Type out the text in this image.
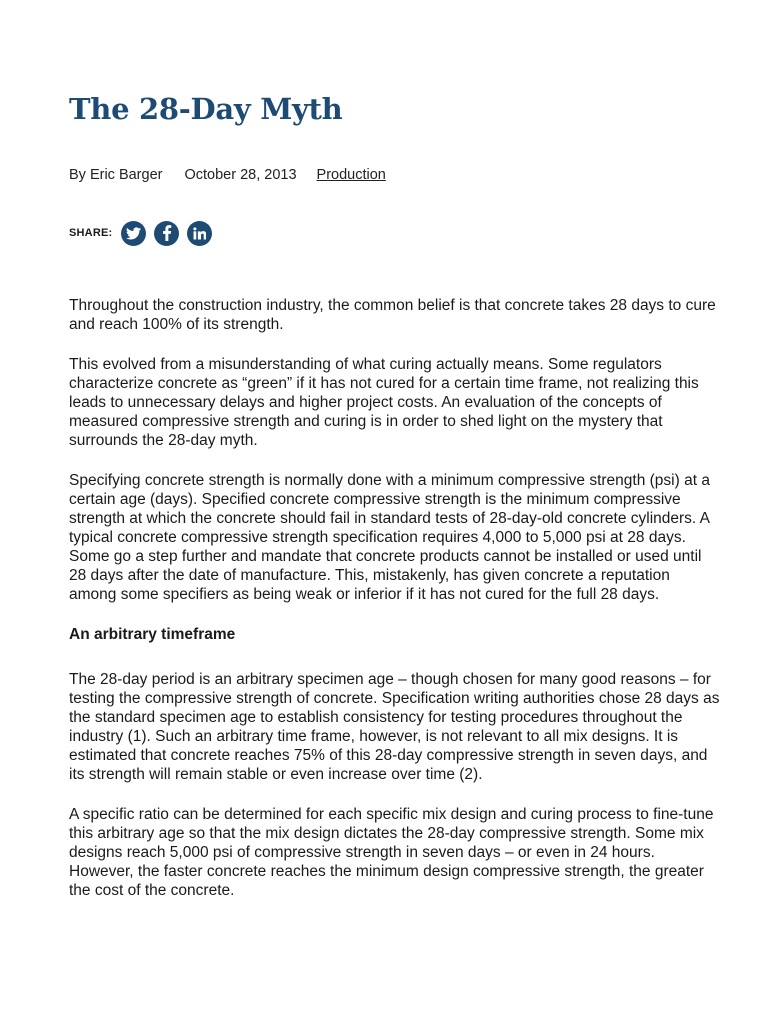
The 28-Day Myth
By Eric Barger October 28, 2013 Production
SHARE:

Throughout the construction industry, the common belief is that concrete takes 28 days to cure and reach 100% of its strength.

This evolved from a misunderstanding of what curing actually means. Some regulators characterize concrete as “green” if it has not cured for a certain time frame, not realizing this leads to unnecessary delays and higher project costs. An evaluation of the concepts of measured compressive strength and curing is in order to shed light on the mystery that surrounds the 28-day myth.

Specifying concrete strength is normally done with a minimum compressive strength (psi) at a certain age (days). Specified concrete compressive strength is the minimum compressive strength at which the concrete should fail in standard tests of 28-day-old concrete cylinders. A typical concrete compressive strength specification requires 4,000 to 5,000 psi at 28 days. Some go a step further and mandate that concrete products cannot be installed or used until 28 days after the date of manufacture. This, mistakenly, has given concrete a reputation among some specifiers as being weak or inferior if it has not cured for the full 28 days.

An arbitrary timeframe

The 28-day period is an arbitrary specimen age – though chosen for many good reasons – for testing the compressive strength of concrete. Specification writing authorities chose 28 days as the standard specimen age to establish consistency for testing procedures throughout the industry (1). Such an arbitrary time frame, however, is not relevant to all mix designs. It is estimated that concrete reaches 75% of this 28-day compressive strength in seven days, and its strength will remain stable or even increase over time (2).

A specific ratio can be determined for each specific mix design and curing process to fine-tune this arbitrary age so that the mix design dictates the 28-day compressive strength. Some mix designs reach 5,000 psi of compressive strength in seven days – or even in 24 hours. However, the faster concrete reaches the minimum design compressive strength, the greater the cost of the concrete.
